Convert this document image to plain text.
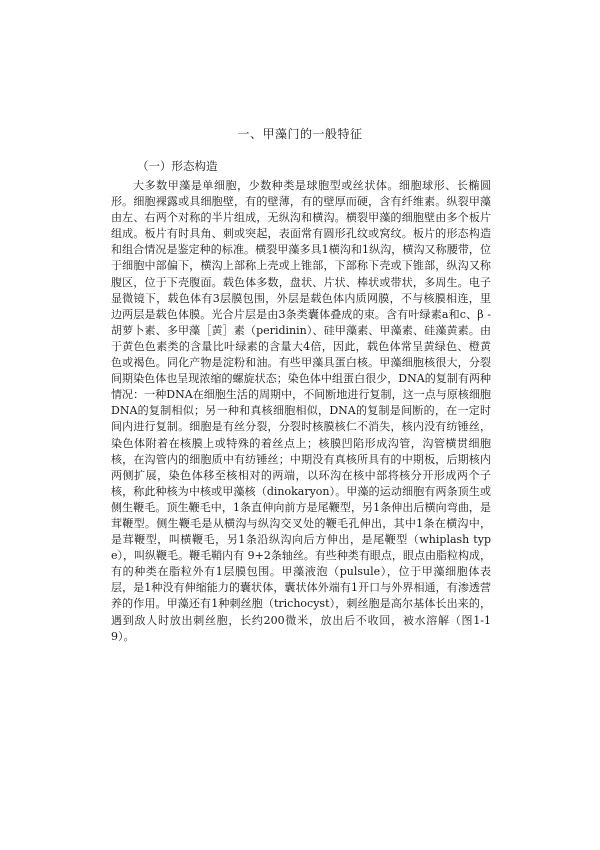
一、甲藻门的一般特征
（一）形态构造

大多数甲藻是单细胞，少数种类是球胞型或丝状体。细胞球形、长椭圆形。细胞裸露或具细胞壁，有的壁薄，有的壁厚而硬，含有纤维素。纵裂甲藻由左、右两个对称的半片组成，无纵沟和横沟。横裂甲藻的细胞壁由多个板片组成。板片有时具角、刺或突起，表面常有圆形孔纹或窝纹。板片的形态构造和组合情况是鉴定种的标准。横裂甲藻多具1横沟和1纵沟，横沟又称腰带，位于细胞中部偏下，横沟上部称上壳或上锥部，下部称下壳或下锥部，纵沟又称腹区，位于下壳腹面。载色体多数，盘状、片状、棒状或带状，多周生。电子显微镜下，载色体有3层膜包围，外层是载色体内质网膜，不与核膜相连，里边两层是载色体膜。光合片层是由3条类囊体叠成的束。含有叶绿素a和c、β -胡萝卜素、多甲藻［黄］素（peridinin）、硅甲藻素、甲藻素、硅藻黄素。由于黄色色素类的含量比叶绿素的含量大4倍，因此，载色体常呈黄绿色、橙黄色或褐色。同化产物是淀粉和油。有些甲藻具蛋白核。甲藻细胞核很大，分裂间期染色体也呈现浓缩的螺旋状态；染色体中组蛋白很少，DNA的复制有两种情况：一种DNA在细胞生活的周期中，不间断地进行复制，这一点与原核细胞DNA的复制相似；另一种和真核细胞相似，DNA的复制是间断的，在一定时间内进行复制。细胞是有丝分裂，分裂时核膜核仁不消失，核内没有纺锤丝，染色体附着在核膜上或特殊的着丝点上；核膜凹陷形成沟管，沟管横贯细胞核，在沟管内的细胞质中有纺锤丝；中期没有真核所具有的中期板，后期核内两侧扩展，染色体移至核相对的两端，以环沟在核中部将核分开形成两个子核，称此种核为中核或甲藻核（dinokaryon）。甲藻的运动细胞有两条顶生或侧生鞭毛。顶生鞭毛中，1条直伸向前方是尾鞭型，另1条伸出后横向弯曲，是茸鞭型。侧生鞭毛是从横沟与纵沟交叉处的鞭毛孔伸出，其中1条在横沟中，是茸鞭型，叫横鞭毛，另1条沿纵沟向后方伸出，是尾鞭型（whiplash type），叫纵鞭毛。鞭毛鞘内有 9+2条轴丝。有些种类有眼点，眼点由脂粒构成，有的种类在脂粒外有1层膜包围。甲藻液泡（pulsule），位于甲藻细胞体表层，是1种没有伸缩能力的囊状体，囊状体外端有1开口与外界相通，有渗透营养的作用。甲藻还有1种刺丝胞（trichocyst），刺丝胞是高尔基体长出来的，遇到敌人时放出刺丝胞，长约200微米，放出后不收回，被水溶解（图1-19）。
